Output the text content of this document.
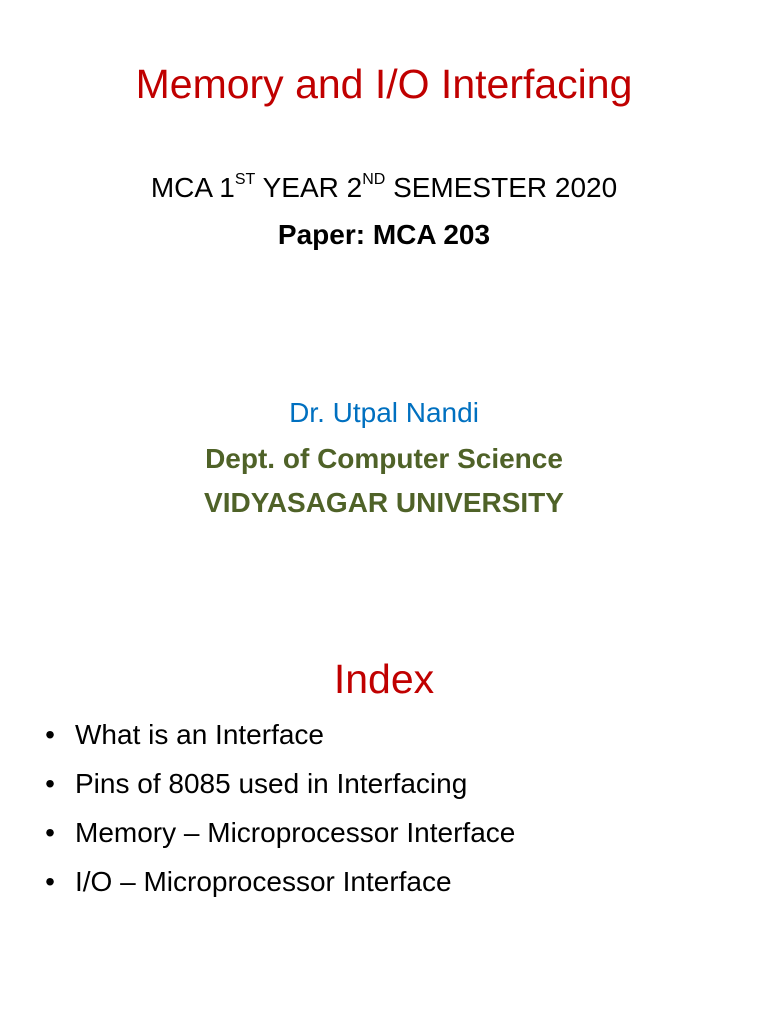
Memory and I/O Interfacing
MCA 1ST YEAR 2ND SEMESTER 2020
Paper: MCA 203
Dr. Utpal Nandi
Dept. of Computer Science
VIDYASAGAR UNIVERSITY
Index
• What is an Interface
• Pins of 8085 used in Interfacing
• Memory – Microprocessor Interface
• I/O – Microprocessor Interface
